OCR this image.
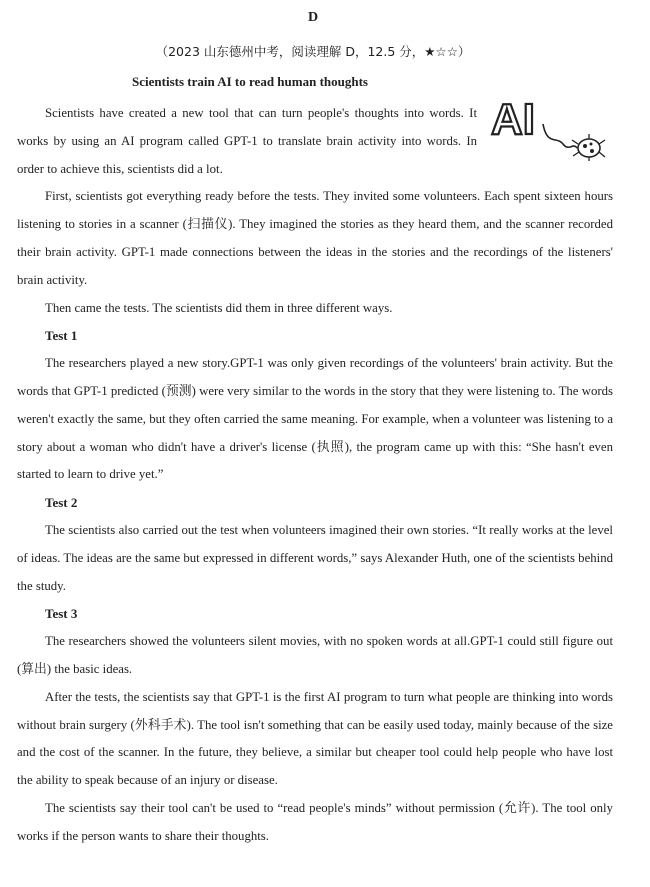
D
（2023 山东德州中考，阅读理解 D，12.5 分，★☆☆）
Scientists train AI to read human thoughts
AI

Scientists have created a new tool that can turn people's thoughts into words. It works by using an AI program called GPT-1 to translate brain activity into words. In order to achieve this, scientists did a lot.

First, scientists got everything ready before the tests. They invited some volunteers. Each spent sixteen hours listening to stories in a scanner (扫描仪). They imagined the stories as they heard them, and the scanner recorded their brain activity. GPT-1 made connections between the ideas in the stories and the recordings of the listeners' brain activity.

Then came the tests. The scientists did them in three different ways.

Test 1

The researchers played a new story.GPT-1 was only given recordings of the volunteers' brain activity. But the words that GPT-1 predicted (预测) were very similar to the words in the story that they were listening to. The words weren't exactly the same, but they often carried the same meaning. For example, when a volunteer was listening to a story about a woman who didn't have a driver's license (执照), the program came up with this: “She hasn't even started to learn to drive yet.”

Test 2

The scientists also carried out the test when volunteers imagined their own stories. “It really works at the level of ideas. The ideas are the same but expressed in different words,” says Alexander Huth, one of the scientists behind the study.

Test 3

The researchers showed the volunteers silent movies, with no spoken words at all.GPT-1 could still figure out (算出) the basic ideas.

After the tests, the scientists say that GPT-1 is the first AI program to turn what people are thinking into words without brain surgery (外科手术). The tool isn't something that can be easily used today, mainly because of the size and the cost of the scanner. In the future, they believe, a similar but cheaper tool could help people who have lost the ability to speak because of an injury or disease.

The scientists say their tool can't be used to “read people's minds” without permission (允许). The tool only works if the person wants to share their thoughts.
